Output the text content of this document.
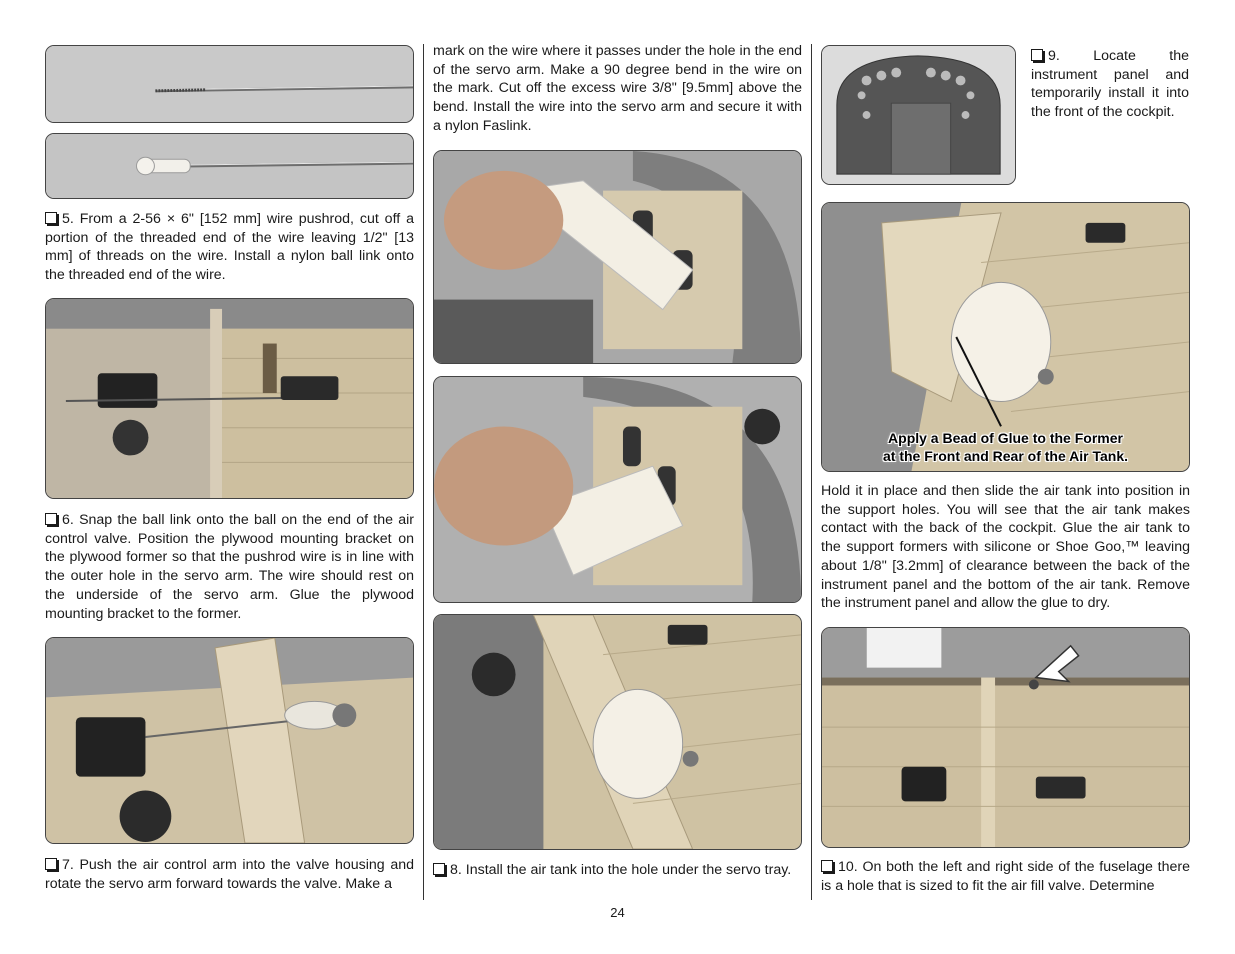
5. From a 2-56 × 6" [152 mm] wire pushrod, cut off a portion of the threaded end of the wire leaving 1/2" [13 mm] of threads on the wire. Install a nylon ball link onto the threaded end of the wire.

6. Snap the ball link onto the ball on the end of the air control valve. Position the plywood mounting bracket on the plywood former so that the pushrod wire is in line with the outer hole in the servo arm. The wire should rest on the underside of the servo arm. Glue the plywood mounting bracket to the former.

7. Push the air control arm into the valve housing and rotate the servo arm forward towards the valve. Make a

mark on the wire where it passes under the hole in the end of the servo arm. Make a 90 degree bend in the wire on the mark. Cut off the excess wire 3/8" [9.5mm] above the bend. Install the wire into the servo arm and secure it with a nylon Faslink.

8. Install the air tank into the hole under the servo tray.

9. Locate the instrument panel and temporarily install it into the front of the cockpit.

Apply a Bead of Glue to the Former
at the Front and Rear of the Air Tank.

Hold it in place and then slide the air tank into position in the support holes. You will see that the air tank makes contact with the back of the cockpit. Glue the air tank to the support formers with silicone or Shoe Goo,™ leaving about 1/8" [3.2mm] of clearance between the back of the instrument panel and the bottom of the air tank. Remove the instrument panel and allow the glue to dry.

10. On both the left and right side of the fuselage there is a hole that is sized to fit the air fill valve. Determine

24
